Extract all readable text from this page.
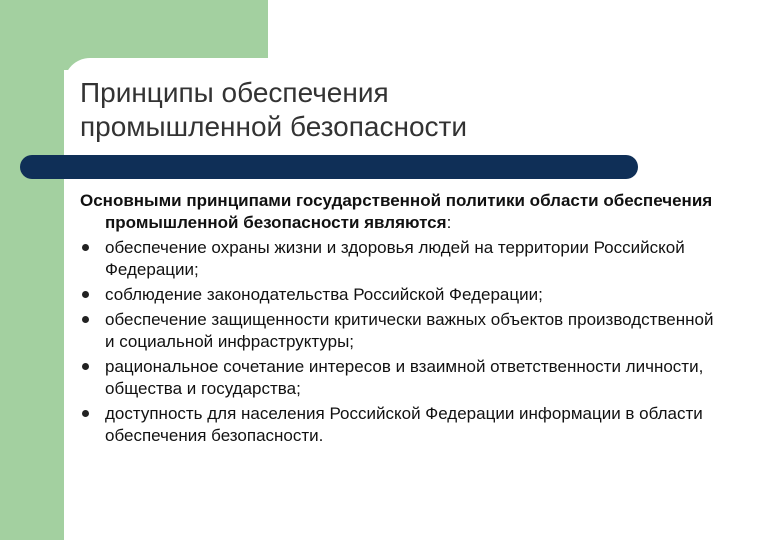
Принципы обеспечения
промышленной безопасности

Основными принципами государственной политики области обеспечения промышленной безопасности являются:

обеспечение охраны жизни и здоровья людей на территории Российской Федерации;
соблюдение законодательства Российской Федерации;
обеспечение защищенности критически важных объектов производственной и социальной инфраструктуры;
рациональное сочетание интересов и взаимной ответственности личности, общества и государства;
доступность для населения Российской Федерации информации в области обеспечения безопасности.
